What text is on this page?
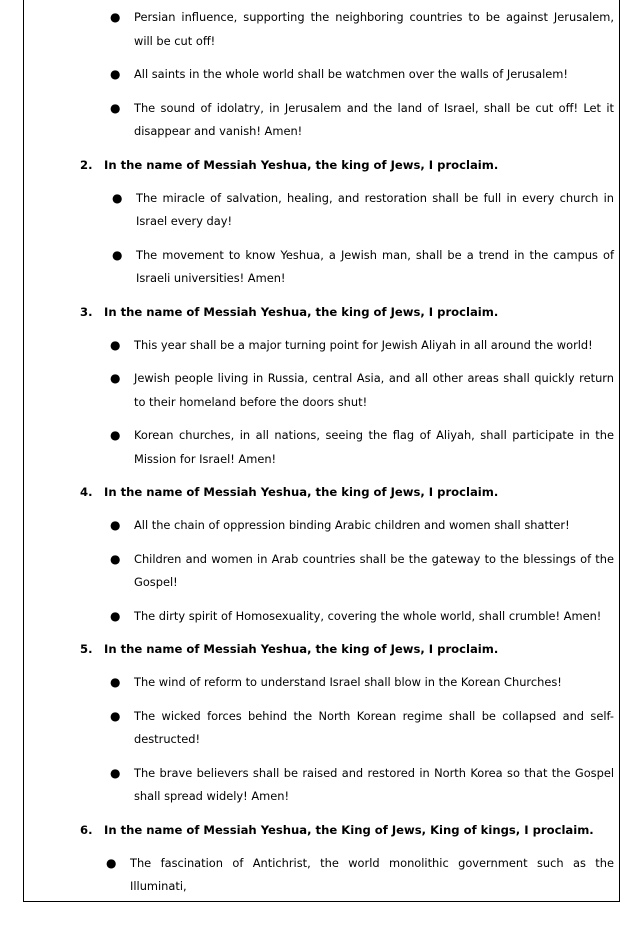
● Persian influence, supporting the neighboring countries to be against Jerusalem, will be cut off!
● All saints in the whole world shall be watchmen over the walls of Jerusalem!
● The sound of idolatry, in Jerusalem and the land of Israel, shall be cut off! Let it disappear and vanish! Amen!
2. In the name of Messiah Yeshua, the king of Jews, I proclaim.
● The miracle of salvation, healing, and restoration shall be full in every church in Israel every day!
● The movement to know Yeshua, a Jewish man, shall be a trend in the campus of Israeli universities! Amen!
3. In the name of Messiah Yeshua, the king of Jews, I proclaim.
● This year shall be a major turning point for Jewish Aliyah in all around the world!
● Jewish people living in Russia, central Asia, and all other areas shall quickly return to their homeland before the doors shut!
● Korean churches, in all nations, seeing the flag of Aliyah, shall participate in the Mission for Israel! Amen!
4. In the name of Messiah Yeshua, the king of Jews, I proclaim.
● All the chain of oppression binding Arabic children and women shall shatter!
● Children and women in Arab countries shall be the gateway to the blessings of the Gospel!
● The dirty spirit of Homosexuality, covering the whole world, shall crumble! Amen!
5. In the name of Messiah Yeshua, the king of Jews, I proclaim.
● The wind of reform to understand Israel shall blow in the Korean Churches!
● The wicked forces behind the North Korean regime shall be collapsed and self-destructed!
● The brave believers shall be raised and restored in North Korea so that the Gospel shall spread widely! Amen!
6. In the name of Messiah Yeshua, the King of Jews, King of kings, I proclaim.
● The fascination of Antichrist, the world monolithic government such as the Illuminati,
